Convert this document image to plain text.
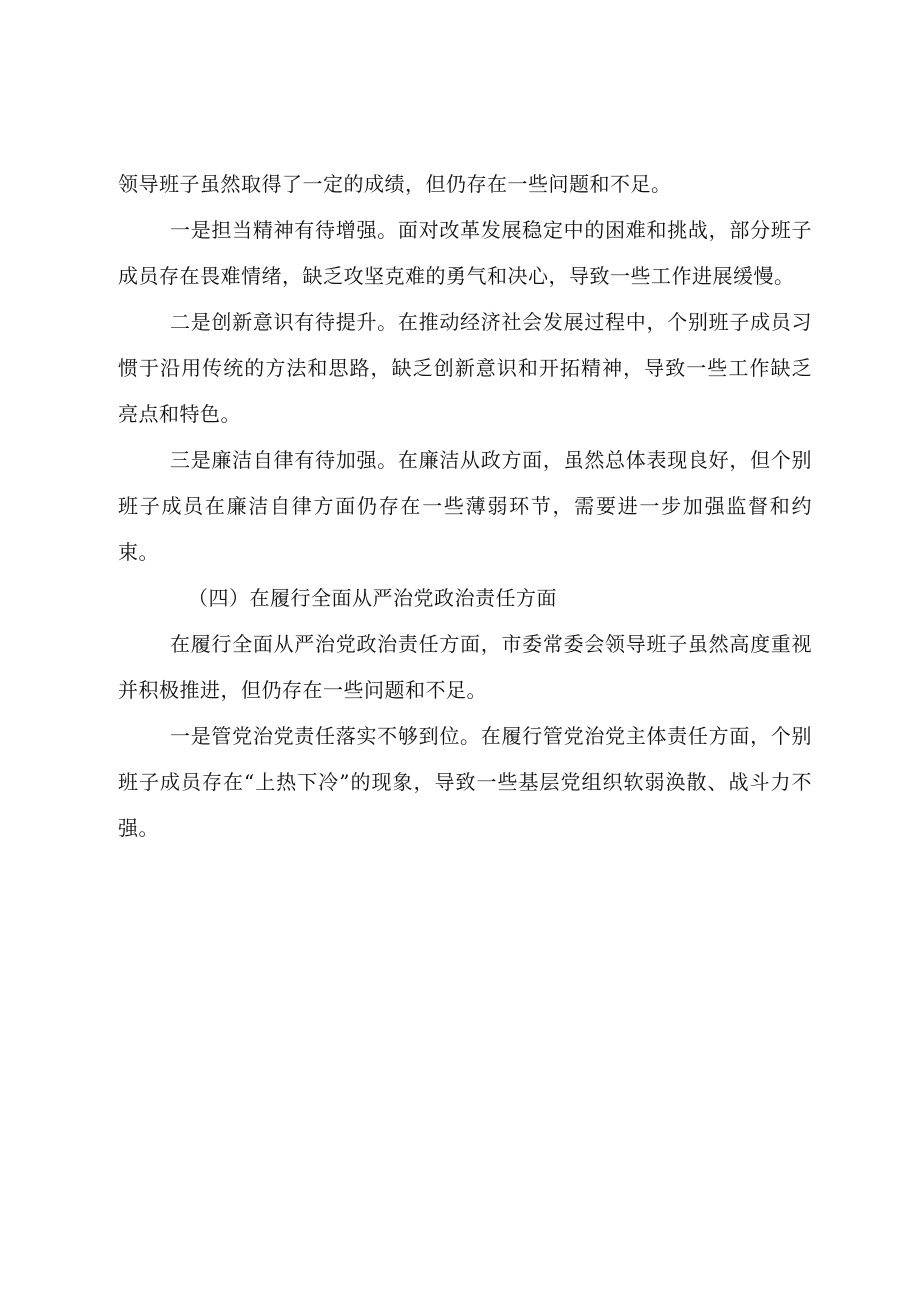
领导班子虽然取得了一定的成绩，但仍存在一些问题和不足。

一是担当精神有待增强。面对改革发展稳定中的困难和挑战，部分班子成员存在畏难情绪，缺乏攻坚克难的勇气和决心，导致一些工作进展缓慢。

二是创新意识有待提升。在推动经济社会发展过程中，个别班子成员习惯于沿用传统的方法和思路，缺乏创新意识和开拓精神，导致一些工作缺乏亮点和特色。

三是廉洁自律有待加强。在廉洁从政方面，虽然总体表现良好，但个别班子成员在廉洁自律方面仍存在一些薄弱环节，需要进一步加强监督和约束。

（四）在履行全面从严治党政治责任方面

在履行全面从严治党政治责任方面，市委常委会领导班子虽然高度重视并积极推进，但仍存在一些问题和不足。

一是管党治党责任落实不够到位。在履行管党治党主体责任方面，个别班子成员存在“上热下冷”的现象，导致一些基层党组织软弱涣散、战斗力不强。
